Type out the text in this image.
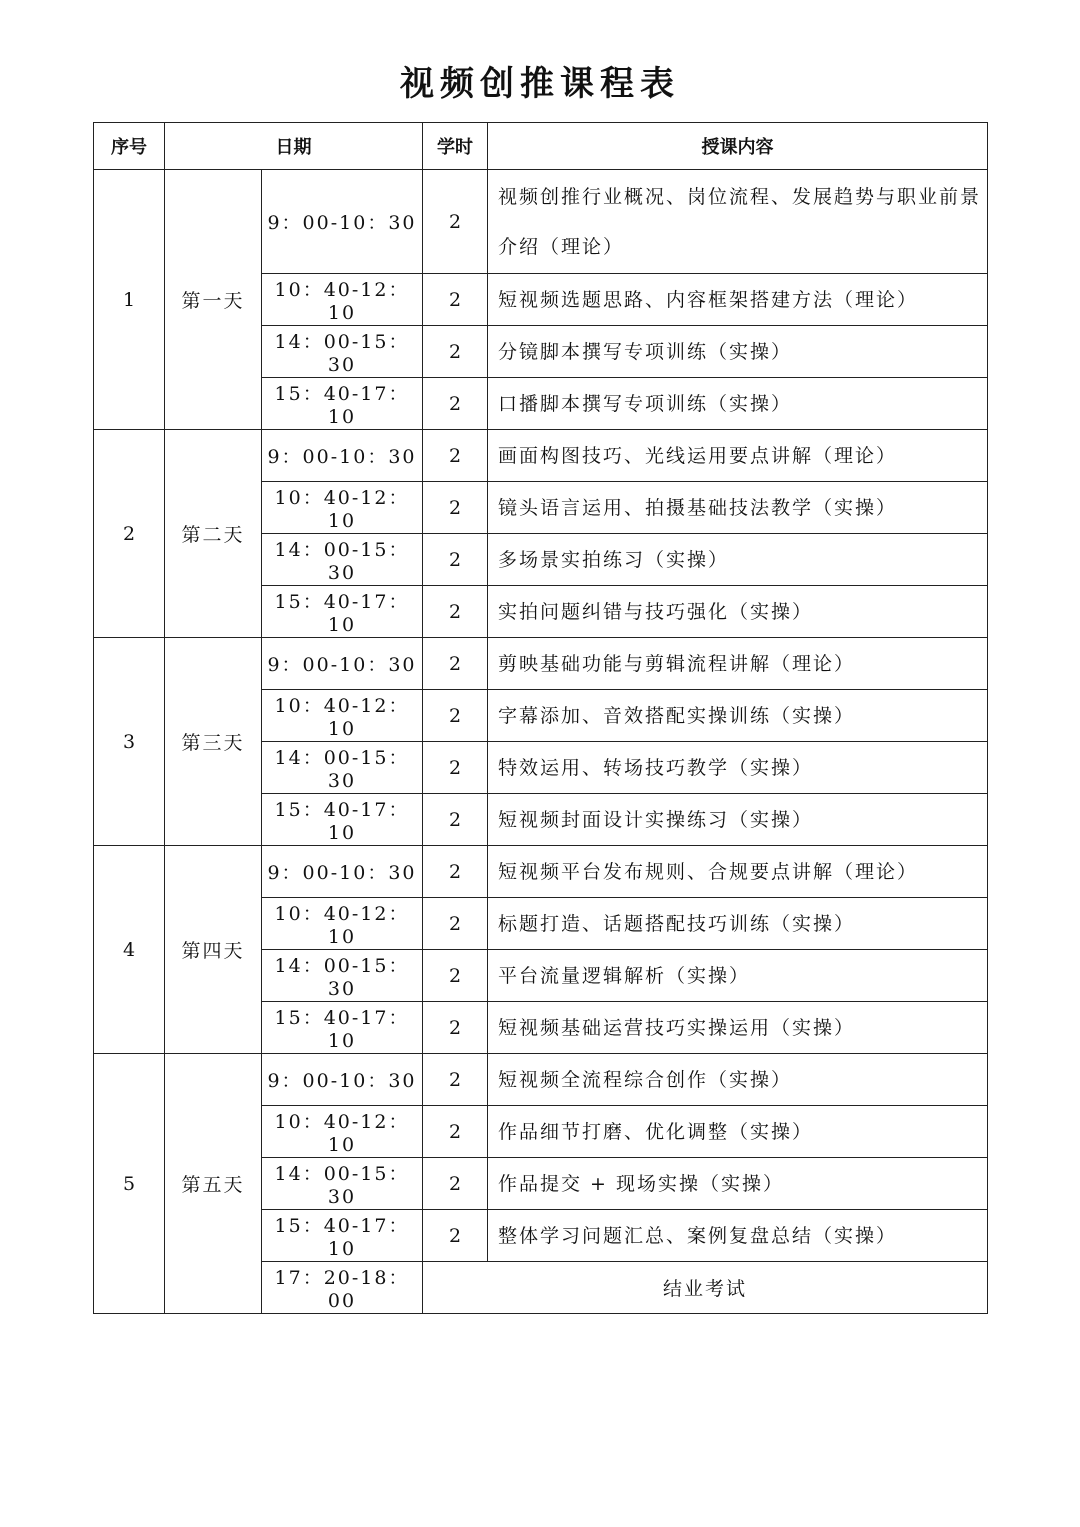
视频创推课程表
序号	日期		学时	授课内容
1	第一天	9：00-10：30	2	视频创推行业概况、岗位流程、发展趋势与职业前景介绍（理论）
		10：40-12：10	2	短视频选题思路、内容框架搭建方法（理论）
		14：00-15：30	2	分镜脚本撰写专项训练（实操）
		15：40-17：10	2	口播脚本撰写专项训练（实操）
2	第二天	9：00-10：30	2	画面构图技巧、光线运用要点讲解（理论）
		10：40-12：10	2	镜头语言运用、拍摄基础技法教学（实操）
		14：00-15：30	2	多场景实拍练习（实操）
		15：40-17：10	2	实拍问题纠错与技巧强化（实操）
3	第三天	9：00-10：30	2	剪映基础功能与剪辑流程讲解（理论）
		10：40-12：10	2	字幕添加、音效搭配实操训练（实操）
		14：00-15：30	2	特效运用、转场技巧教学（实操）
		15：40-17：10	2	短视频封面设计实操练习（实操）
4	第四天	9：00-10：30	2	短视频平台发布规则、合规要点讲解（理论）
		10：40-12：10	2	标题打造、话题搭配技巧训练（实操）
		14：00-15：30	2	平台流量逻辑解析（实操）
		15：40-17：10	2	短视频基础运营技巧实操运用（实操）
5	第五天	9：00-10：30	2	短视频全流程综合创作（实操）
		10：40-12：10	2	作品细节打磨、优化调整（实操）
		14：00-15：30	2	作品提交 + 现场实操（实操）
		15：40-17：10	2	整体学习问题汇总、案例复盘总结（实操）
		17：20-18：00	结业考试	
